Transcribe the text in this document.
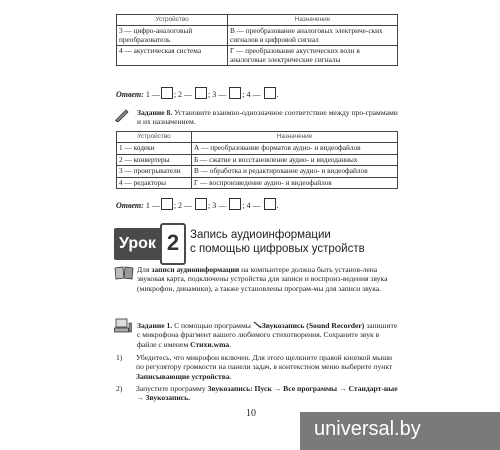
Устройство	Назначение
3 — цифро-аналоговый преобразователь	В — преобразование аналоговых электриче-ских сигналов в цифровой сигнал
4 — акустическая система	Г — преобразование акустических волн в аналоговые электрические сигналы
Ответ: 1 — ; 2 — ; 3 — ; 4 — .
Задание 8. Установите взаимно-однозначное соответствие между про-граммами и их назначением.
Устройство	Назначение
1 — кодеки	А — преобразование форматов аудио- и видеофайлов
2 — конвертеры	Б — сжатие и восстановление аудио- и видеоданных
3 — проигрыватели	В — обработка и редактирование аудио- и видеофайлов
4 — редакторы	Г — воспроизведение аудио- и видеофайлов
Ответ: 1 — ; 2 — ; 3 — ; 4 — .
Урок 2 Запись аудиоинформации
с помощью цифровых устройств
Для записи аудиоинформации на компьютере должна быть установ-лена звуковая карта, подключены устройства для записи и воспроиз-ведения звука (микрофон, динамики), а также установлены програм-мы для записи звука.
Задание 1. С помощью программы Звукозапись (Sound Recorder) запишите с микрофона фрагмент вашего любимого стихотворения. Сохраните звук в файле с именем Стихи.wma.
1) Убедитесь, что микрофон включен. Для этого щелкните правой кнопкой мыши по регулятору громкости на панели задач, в контекстном меню выберите пункт Записывающие устройства.
2) Запустите программу Звукозапись: Пуск → Все программы → Стандарт-ные → Звукозапись.
10
universal.by
